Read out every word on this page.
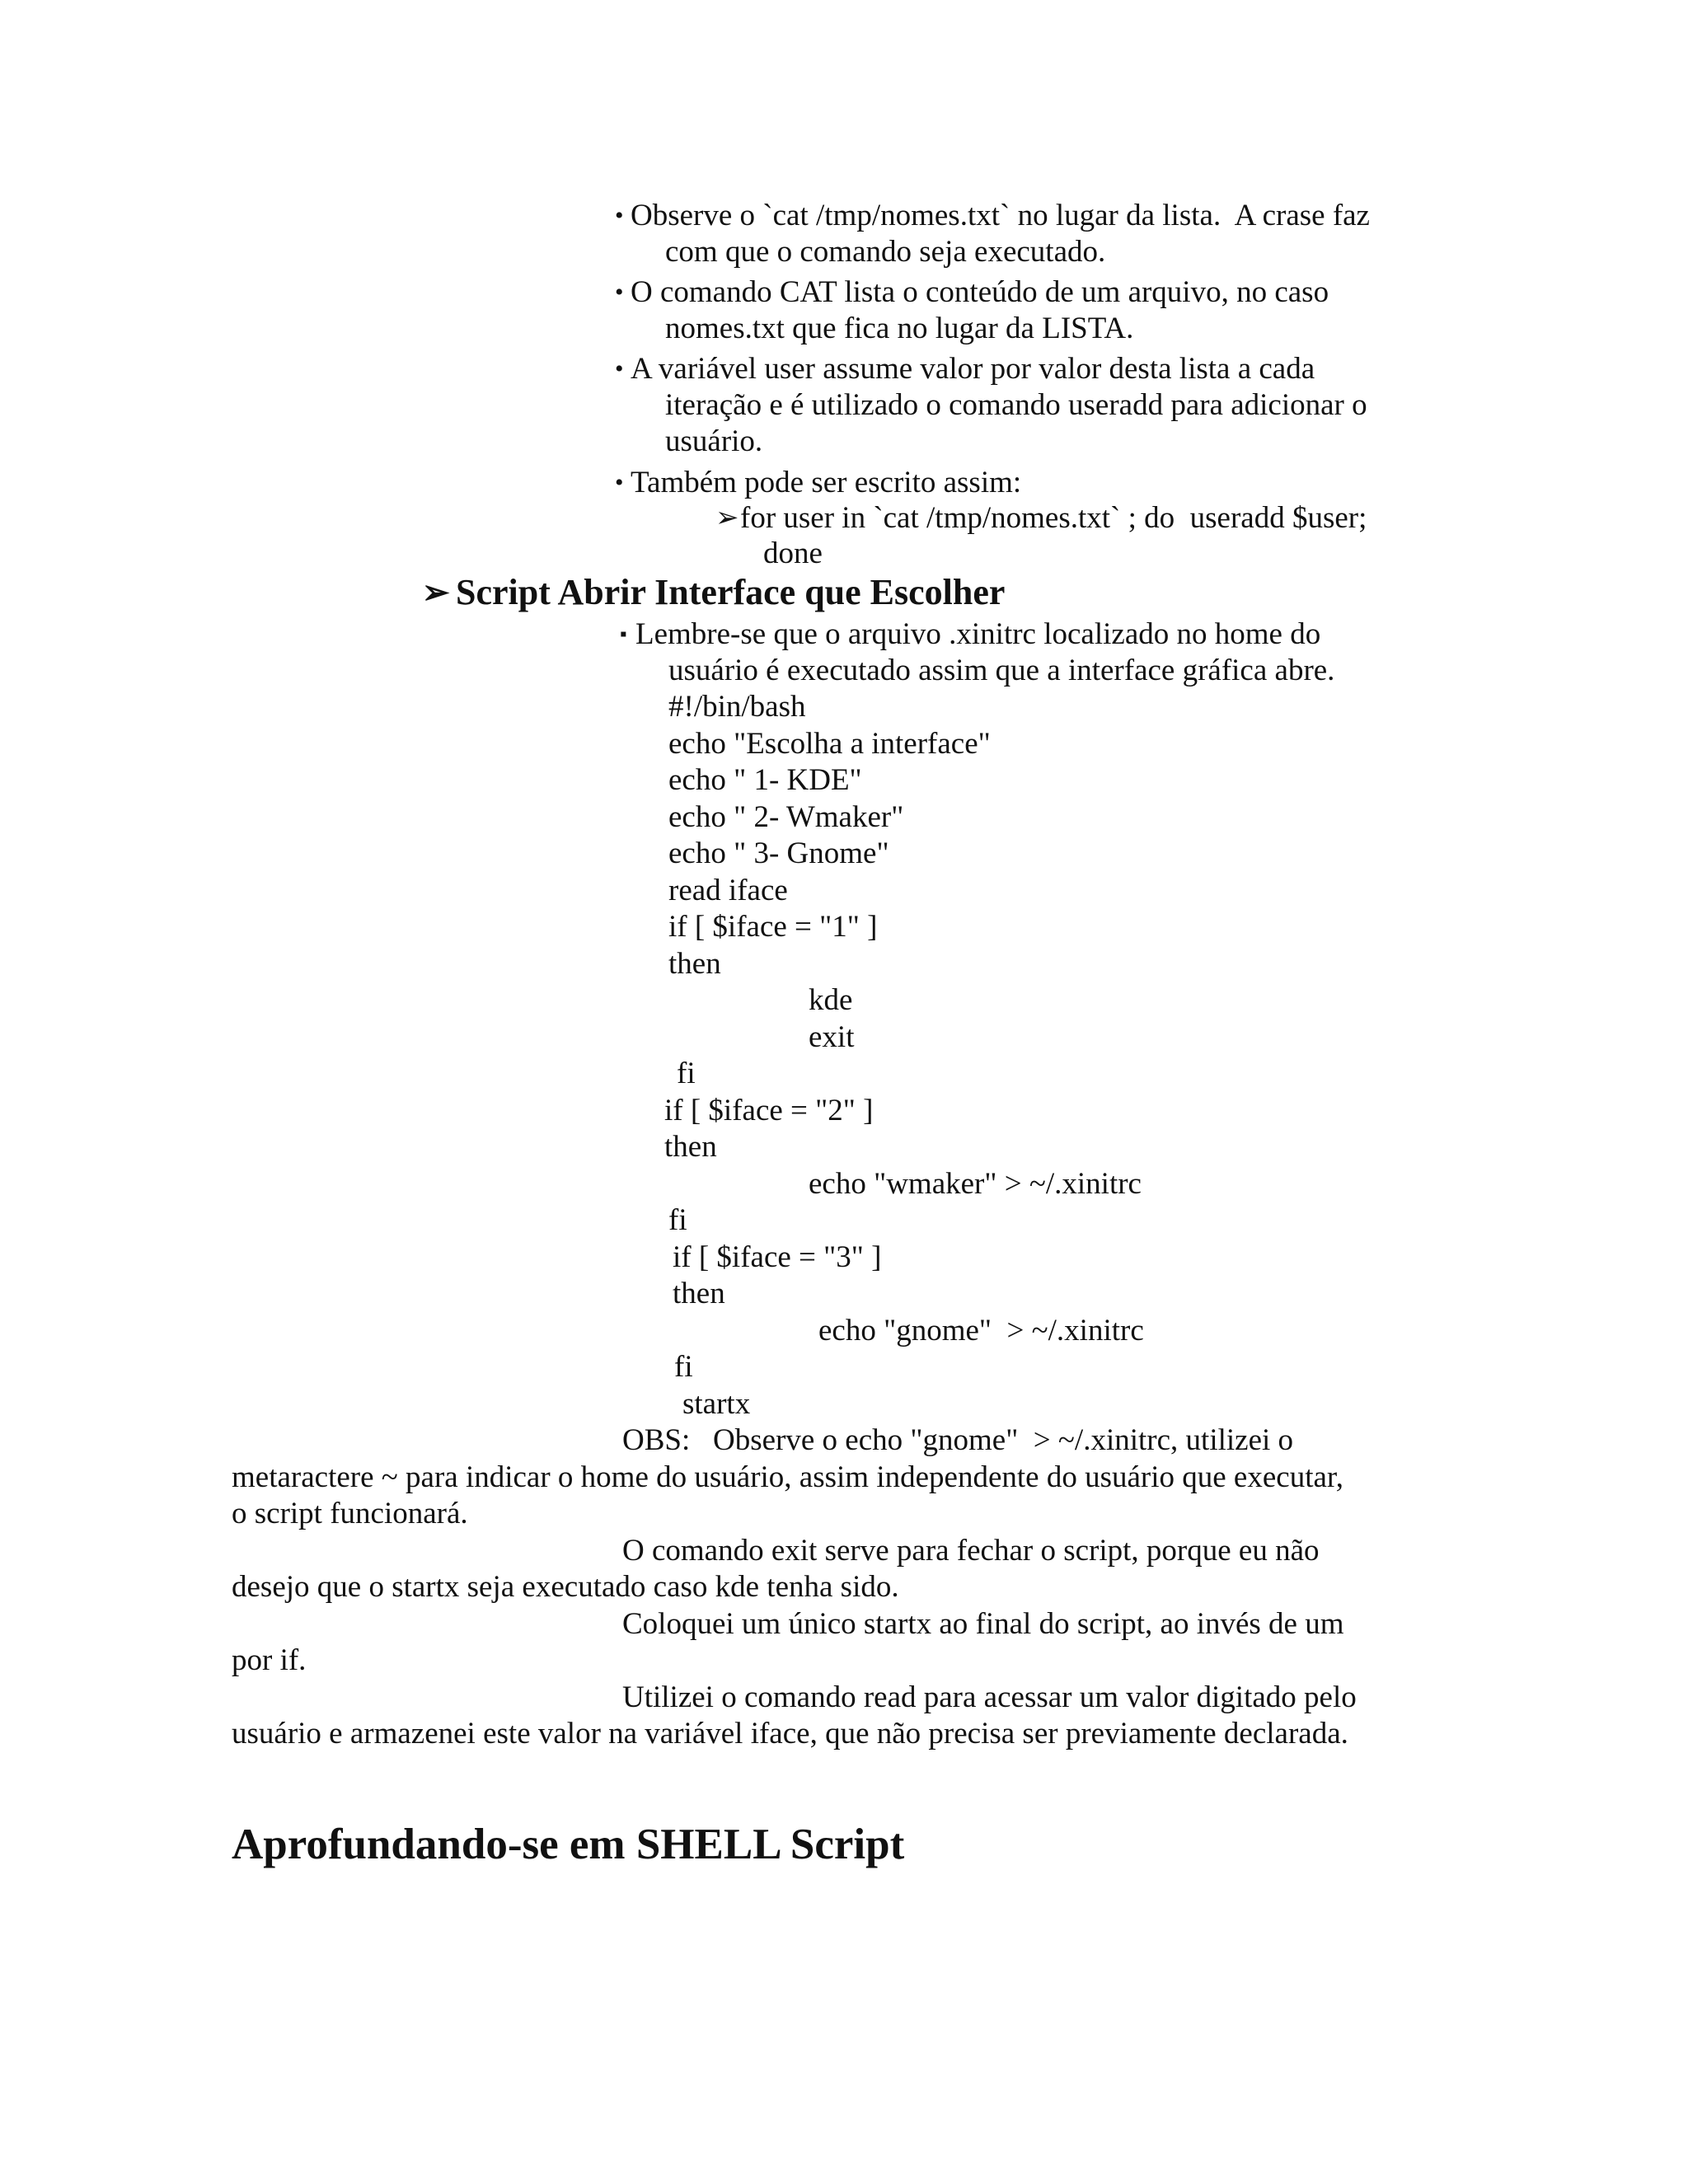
• Observe o `cat /tmp/nomes.txt` no lugar da lista.  A crase faz
com que o comando seja executado.
• O comando CAT lista o conteúdo de um arquivo, no caso
nomes.txt que fica no lugar da LISTA.
• A variável user assume valor por valor desta lista a cada
iteração e é utilizado o comando useradd para adicionar o
usuário.
• Também pode ser escrito assim:
➢ for user in `cat /tmp/nomes.txt` ; do  useradd $user;
done
➢ Script Abrir Interface que Escolher
▪ Lembre-se que o arquivo .xinitrc localizado no home do
usuário é executado assim que a interface gráfica abre.
#!/bin/bash
echo "Escolha a interface"
echo " 1- KDE"
echo " 2- Wmaker"
echo " 3- Gnome"
read iface
if [ $iface = "1" ]
then
kde
exit
fi
if [ $iface = "2" ]
then
echo "wmaker" > ~/.xinitrc
fi
if [ $iface = "3" ]
then
echo "gnome"  > ~/.xinitrc
fi
startx
OBS:   Observe o echo "gnome"  > ~/.xinitrc, utilizei o
metaractere ~ para indicar o home do usuário, assim independente do usuário que executar,
o script funcionará.
O comando exit serve para fechar o script, porque eu não
desejo que o startx seja executado caso kde tenha sido.
Coloquei um único startx ao final do script, ao invés de um
por if.
Utilizei o comando read para acessar um valor digitado pelo
usuário e armazenei este valor na variável iface, que não precisa ser previamente declarada.
Aprofundando-se em SHELL Script
